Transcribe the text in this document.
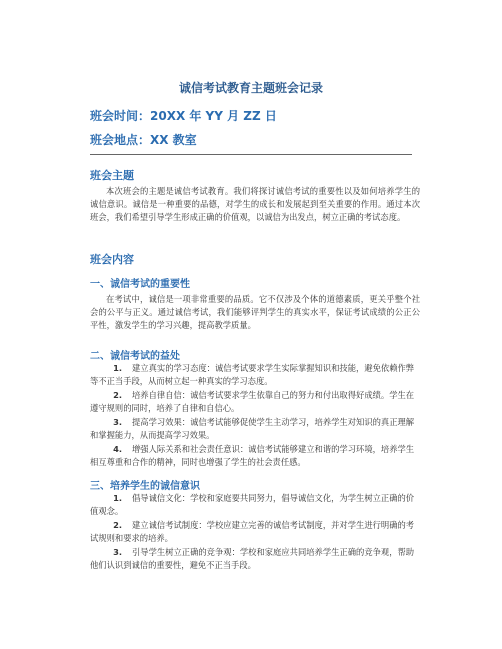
诚信考试教育主题班会记录
班会时间：20XX 年 YY 月 ZZ 日
班会地点：XX 教室
班会主题
本次班会的主题是诚信考试教育。我们将探讨诚信考试的重要性以及如何培养学生的诚信意识。诚信是一种重要的品德，对学生的成长和发展起到至关重要的作用。通过本次班会，我们希望引导学生形成正确的价值观，以诚信为出发点，树立正确的考试态度。
班会内容
一、诚信考试的重要性
在考试中，诚信是一项非常重要的品质。它不仅涉及个体的道德素质，更关乎整个社会的公平与正义。通过诚信考试，我们能够评判学生的真实水平，保证考试成绩的公正公平性，激发学生的学习兴趣，提高教学质量。
二、诚信考试的益处
1. 建立真实的学习态度：诚信考试要求学生实际掌握知识和技能，避免依赖作弊等不正当手段，从而树立起一种真实的学习态度。
2. 培养自律自信：诚信考试要求学生依靠自己的努力和付出取得好成绩。学生在遵守规则的同时，培养了自律和自信心。
3. 提高学习效果：诚信考试能够促使学生主动学习，培养学生对知识的真正理解和掌握能力，从而提高学习效果。
4. 增强人际关系和社会责任意识：诚信考试能够建立和谐的学习环境，培养学生相互尊重和合作的精神，同时也增强了学生的社会责任感。
三、培养学生的诚信意识
1. 倡导诚信文化：学校和家庭要共同努力，倡导诚信文化，为学生树立正确的价值观念。
2. 建立诚信考试制度：学校应建立完善的诚信考试制度，并对学生进行明确的考试规则和要求的培养。
3. 引导学生树立正确的竞争观：学校和家庭应共同培养学生正确的竞争观，帮助他们认识到诚信的重要性，避免不正当手段。
